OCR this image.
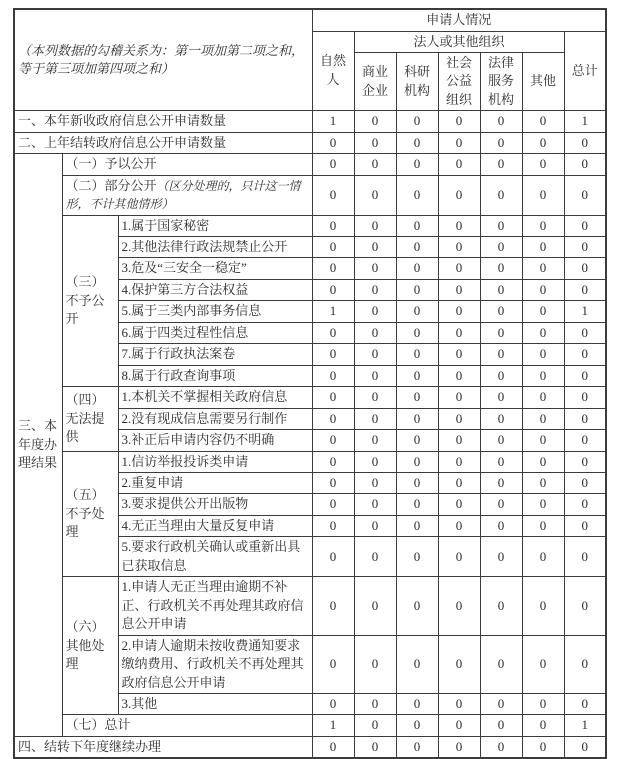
（本列数据的勾稽关系为：第一项加第二项之和，等于第三项加第四项之和）			申请人情况						
			自然人	法人或其他组织					总计
				商业企业	科研机构	社会公益组织	法律服务机构	其他	
一、本年新收政府信息公开申请数量			1	0	0	0	0	0	1
二、上年结转政府信息公开申请数量			0	0	0	0	0	0	0
三、本年度办理结果	（一）予以公开		0	0	0	0	0	0	0
	（二）部分公开（区分处理的，只计这一情形，不计其他情形）		0	0	0	0	0	0	0
	（三）不予公开	1.属于国家秘密	0	0	0	0	0	0	0
		2.其他法律行政法规禁止公开	0	0	0	0	0	0	0
		3.危及“三安全一稳定”	0	0	0	0	0	0	0
		4.保护第三方合法权益	0	0	0	0	0	0	0
		5.属于三类内部事务信息	1	0	0	0	0	0	1
		6.属于四类过程性信息	0	0	0	0	0	0	0
		7.属于行政执法案卷	0	0	0	0	0	0	0
		8.属于行政查询事项	0	0	0	0	0	0	0
	（四）无法提供	1.本机关不掌握相关政府信息	0	0	0	0	0	0	0
		2.没有现成信息需要另行制作	0	0	0	0	0	0	0
		3.补正后申请内容仍不明确	0	0	0	0	0	0	0
	（五）不予处理	1.信访举报投诉类申请	0	0	0	0	0	0	0
		2.重复申请	0	0	0	0	0	0	0
		3.要求提供公开出版物	0	0	0	0	0	0	0
		4.无正当理由大量反复申请	0	0	0	0	0	0	0
		5.要求行政机关确认或重新出具已获取信息	0	0	0	0	0	0	0
	（六）其他处理	1.申请人无正当理由逾期不补正、行政机关不再处理其政府信息公开申请	0	0	0	0	0	0	0
		2.申请人逾期未按收费通知要求缴纳费用、行政机关不再处理其政府信息公开申请	0	0	0	0	0	0	0
		3.其他	0	0	0	0	0	0	0
	（七）总计		1	0	0	0	0	0	1
四、结转下年度继续办理			0	0	0	0	0	0	0
